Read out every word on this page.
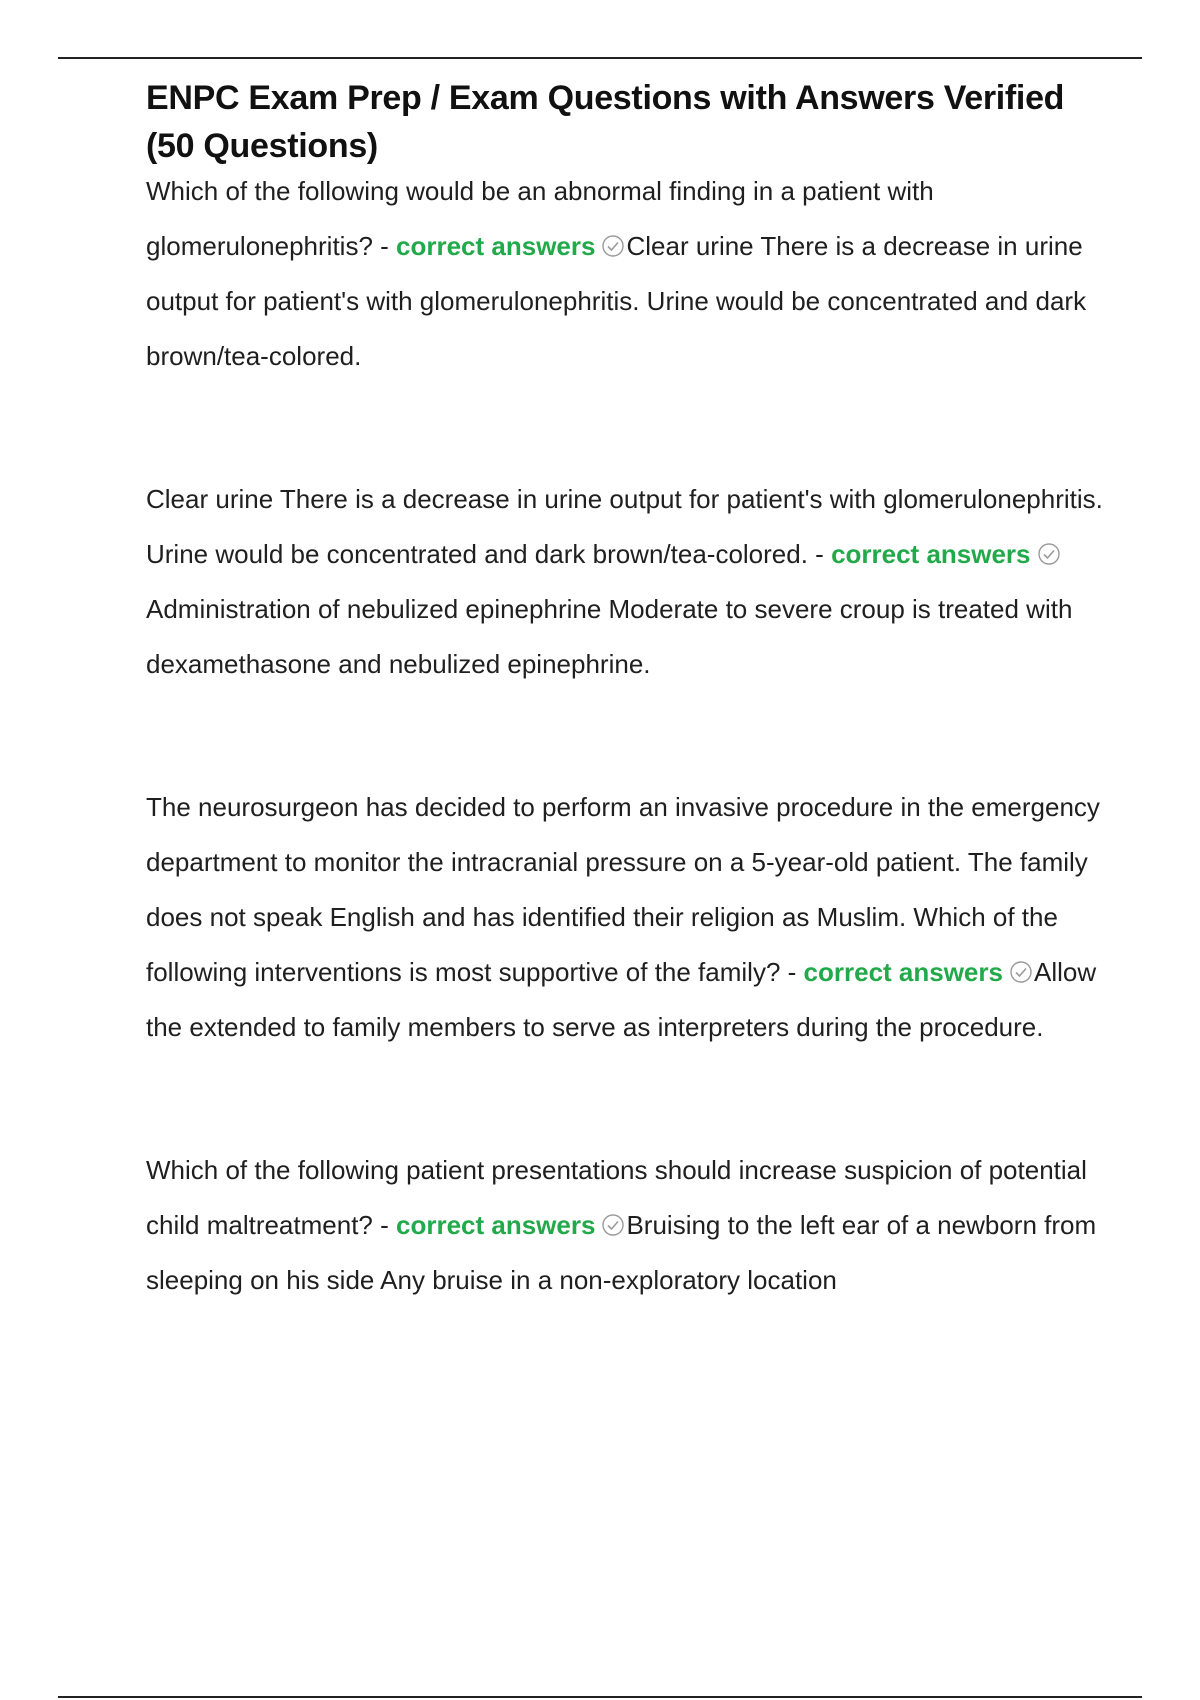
ENPC Exam Prep / Exam Questions with Answers Verified (50 Questions)

Which of the following would be an abnormal finding in a patient with glomerulonephritis? - correct answers Clear urine There is a decrease in urine output for patient's with glomerulonephritis. Urine would be concentrated and dark brown/tea-colored.

Clear urine There is a decrease in urine output for patient's with glomerulonephritis. Urine would be concentrated and dark brown/tea-colored. - correct answersAdministration of nebulized epinephrine Moderate to severe croup is treated with dexamethasone and nebulized epinephrine.

The neurosurgeon has decided to perform an invasive procedure in the emergency department to monitor the intracranial pressure on a 5-year-old patient. The family does not speak English and has identified their religion as Muslim. Which of the following interventions is most supportive of the family? - correct answers Allow the extended to family members to serve as interpreters during the procedure.

Which of the following patient presentations should increase suspicion of potential child maltreatment? - correct answers Bruising to the left ear of a newborn from sleeping on his side Any bruise in a non-exploratory location
